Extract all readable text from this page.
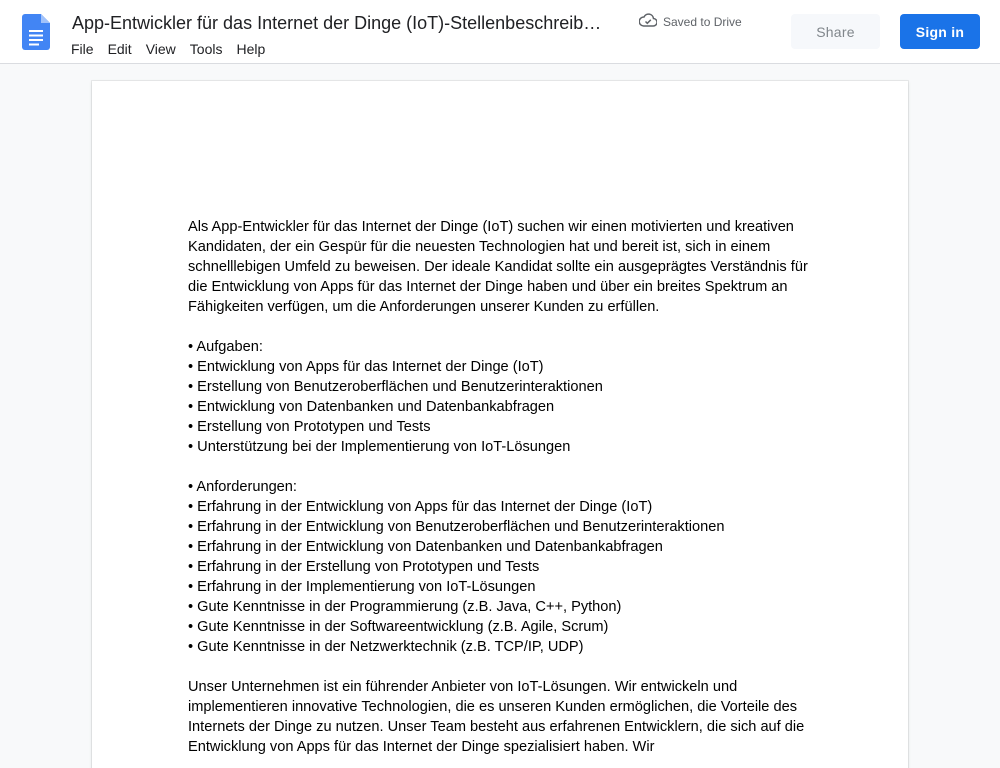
App-Entwickler für das Internet der Dinge (IoT)-Stellenbeschreib…	Saved to Drive
File	Edit	View	Tools	Help
Share	Sign in

Als App-Entwickler für das Internet der Dinge (IoT) suchen wir einen motivierten und kreativen Kandidaten, der ein Gespür für die neuesten Technologien hat und bereit ist, sich in einem schnelllebigen Umfeld zu beweisen. Der ideale Kandidat sollte ein ausgeprägtes Verständnis für die Entwicklung von Apps für das Internet der Dinge haben und über ein breites Spektrum an Fähigkeiten verfügen, um die Anforderungen unserer Kunden zu erfüllen.

• Aufgaben:
• Entwicklung von Apps für das Internet der Dinge (IoT)
• Erstellung von Benutzeroberflächen und Benutzerinteraktionen
• Entwicklung von Datenbanken und Datenbankabfragen
• Erstellung von Prototypen und Tests
• Unterstützung bei der Implementierung von IoT-Lösungen
• Anforderungen:
• Erfahrung in der Entwicklung von Apps für das Internet der Dinge (IoT)
• Erfahrung in der Entwicklung von Benutzeroberflächen und Benutzerinteraktionen
• Erfahrung in der Entwicklung von Datenbanken und Datenbankabfragen
• Erfahrung in der Erstellung von Prototypen und Tests
• Erfahrung in der Implementierung von IoT-Lösungen
• Gute Kenntnisse in der Programmierung (z.B. Java, C++, Python)
• Gute Kenntnisse in der Softwareentwicklung (z.B. Agile, Scrum)
• Gute Kenntnisse in der Netzwerktechnik (z.B. TCP/IP, UDP)

Unser Unternehmen ist ein führender Anbieter von IoT-Lösungen. Wir entwickeln und implementieren innovative Technologien, die es unseren Kunden ermöglichen, die Vorteile des Internets der Dinge zu nutzen. Unser Team besteht aus erfahrenen Entwicklern, die sich auf die Entwicklung von Apps für das Internet der Dinge spezialisiert haben. Wir
